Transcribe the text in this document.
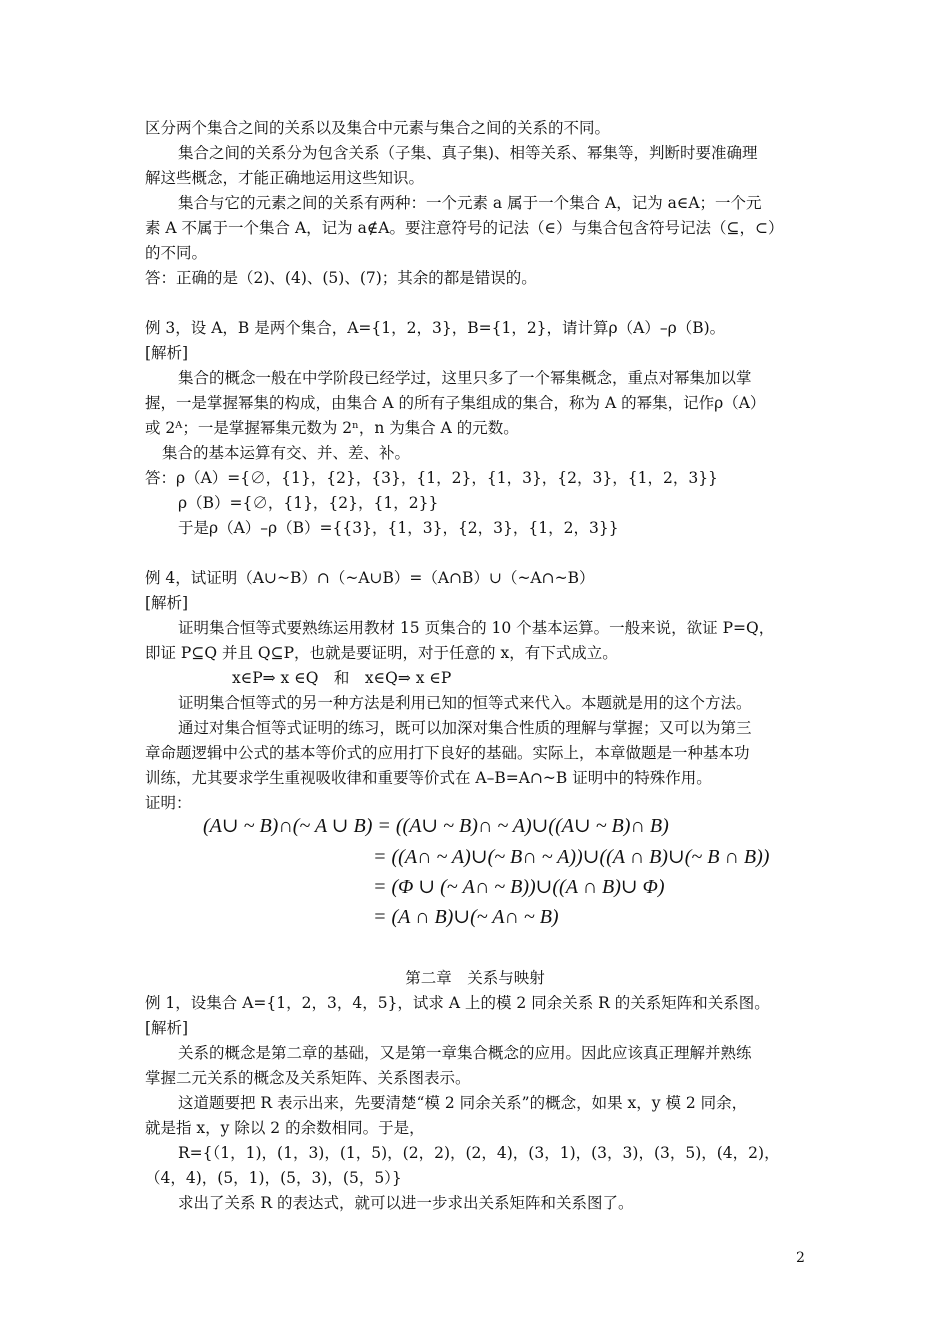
区分两个集合之间的关系以及集合中元素与集合之间的关系的不同。
集合之间的关系分为包含关系（子集、真子集)、相等关系、幂集等，判断时要准确理
解这些概念，才能正确地运用这些知识。
集合与它的元素之间的关系有两种：一个元素 a 属于一个集合 A，记为 a∈A；一个元
素 A 不属于一个集合 A，记为 a∉A。要注意符号的记法（∈）与集合包含符号记法（⊆，⊂）
的不同。
答：正确的是（2)、(4)、(5)、(7)；其余的都是错误的。
例 3，设 A，B 是两个集合，A={1，2，3}，B={1，2}，请计算ρ（A）–ρ（B)。
[解析]
集合的概念一般在中学阶段已经学过，这里只多了一个幂集概念，重点对幂集加以掌
握，一是掌握幂集的构成，由集合 A 的所有子集组成的集合，称为 A 的幂集，记作ρ（A）
或 2ᴬ；一是掌握幂集元数为 2ⁿ，n 为集合 A 的元数。
集合的基本运算有交、并、差、补。
答：ρ（A）={∅，{1}，{2}，{3}，{1，2}，{1，3}，{2，3}，{1，2，3}}
ρ（B）={∅，{1}，{2}，{1，2}}
于是ρ（A）–ρ（B）={{3}，{1，3}，{2，3}，{1，2，3}}
例 4，试证明（A∪~B）∩（~A∪B）=（A∩B）∪（~A∩~B）
[解析]
证明集合恒等式要熟练运用教材 15 页集合的 10 个基本运算。一般来说，欲证 P=Q，
即证 P⊆Q 并且 Q⊆P，也就是要证明，对于任意的 x，有下式成立。
x∈P⇒ x ∈Q　和　x∈Q⇒ x ∈P
证明集合恒等式的另一种方法是利用已知的恒等式来代入。本题就是用的这个方法。
通过对集合恒等式证明的练习，既可以加深对集合性质的理解与掌握；又可以为第三
章命题逻辑中公式的基本等价式的应用打下良好的基础。实际上，本章做题是一种基本功
训练，尤其要求学生重视吸收律和重要等价式在 A–B=A∩~B 证明中的特殊作用。
证明：
(A∪ ~ B)∩(~ A ∪ B) = ((A∪ ~ B)∩ ~ A)∪((A∪ ~ B)∩ B)
= ((A∩ ~ A)∪(~ B∩ ~ A))∪((A ∩ B)∪(~ B ∩ B))
= (Φ ∪ (~ A∩ ~ B))∪((A ∩ B)∪ Φ)
= (A ∩ B)∪(~ A∩ ~ B)
第二章　关系与映射
例 1，设集合 A={1，2，3，4，5}，试求 A 上的模 2 同余关系 R 的关系矩阵和关系图。
[解析]
关系的概念是第二章的基础，又是第一章集合概念的应用。因此应该真正理解并熟练
掌握二元关系的概念及关系矩阵、关系图表示。
这道题要把 R 表示出来，先要清楚“模 2 同余关系”的概念，如果 x，y 模 2 同余，
就是指 x，y 除以 2 的余数相同。于是，
R={（1，1)，(1，3)，(1，5)，(2，2)，(2，4)，(3，1)，(3，3)，(3，5)，(4，2)，
（4，4)，(5，1)，(5，3)，(5，5）}
求出了关系 R 的表达式，就可以进一步求出关系矩阵和关系图了。
2
